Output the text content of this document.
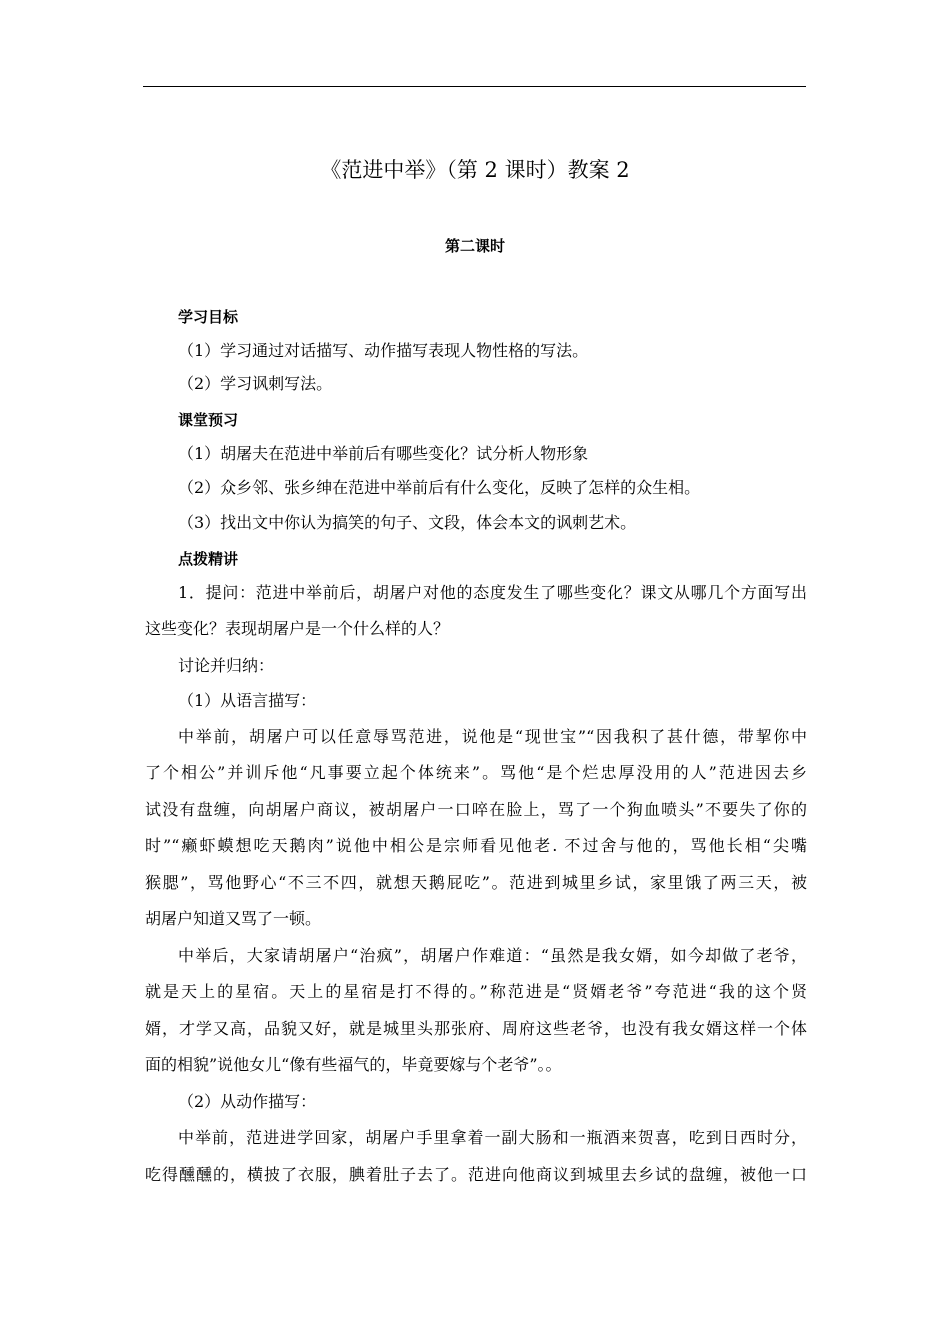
《范进中举》（第 2 课时）教案 2
第二课时
学习目标
（1）学习通过对话描写、动作描写表现人物性格的写法。
（2）学习讽刺写法。
课堂预习
（1）胡屠夫在范进中举前后有哪些变化？试分析人物形象
（2）众乡邻、张乡绅在范进中举前后有什么变化，反映了怎样的众生相。
（3）找出文中你认为搞笑的句子、文段，体会本文的讽刺艺术。
点拨精讲
1．提问：范进中举前后，胡屠户对他的态度发生了哪些变化？课文从哪几个方面写出
这些变化？表现胡屠户是一个什么样的人？
讨论并归纳：
（1）从语言描写：
中举前，胡屠户可以任意辱骂范进，说他是“现世宝”“因我积了甚什德，带挈你中
了个相公”并训斥他“凡事要立起个体统来”。骂他“是个烂忠厚没用的人”范进因去乡
试没有盘缠，向胡屠户商议，被胡屠户一口啐在脸上，骂了一个狗血喷头”不要失了你的
时”“癞虾蟆想吃天鹅肉”说他中相公是宗师看见他老. 不过舍与他的，骂他长相“尖嘴
猴腮”，骂他野心“不三不四，就想天鹅屁吃”。范进到城里乡试，家里饿了两三天，被
胡屠户知道又骂了一顿。
中举后，大家请胡屠户“治疯”，胡屠户作难道：“虽然是我女婿，如今却做了老爷，
就是天上的星宿。天上的星宿是打不得的。”称范进是“贤婿老爷”夸范进“我的这个贤
婿，才学又高，品貌又好，就是城里头那张府、周府这些老爷，也没有我女婿这样一个体
面的相貌”说他女儿“像有些福气的，毕竟要嫁与个老爷”。。
（2）从动作描写：
中举前，范进进学回家，胡屠户手里拿着一副大肠和一瓶酒来贺喜，吃到日西时分，
吃得醺醺的，横披了衣服，腆着肚子去了。范进向他商议到城里去乡试的盘缠，被他一口
